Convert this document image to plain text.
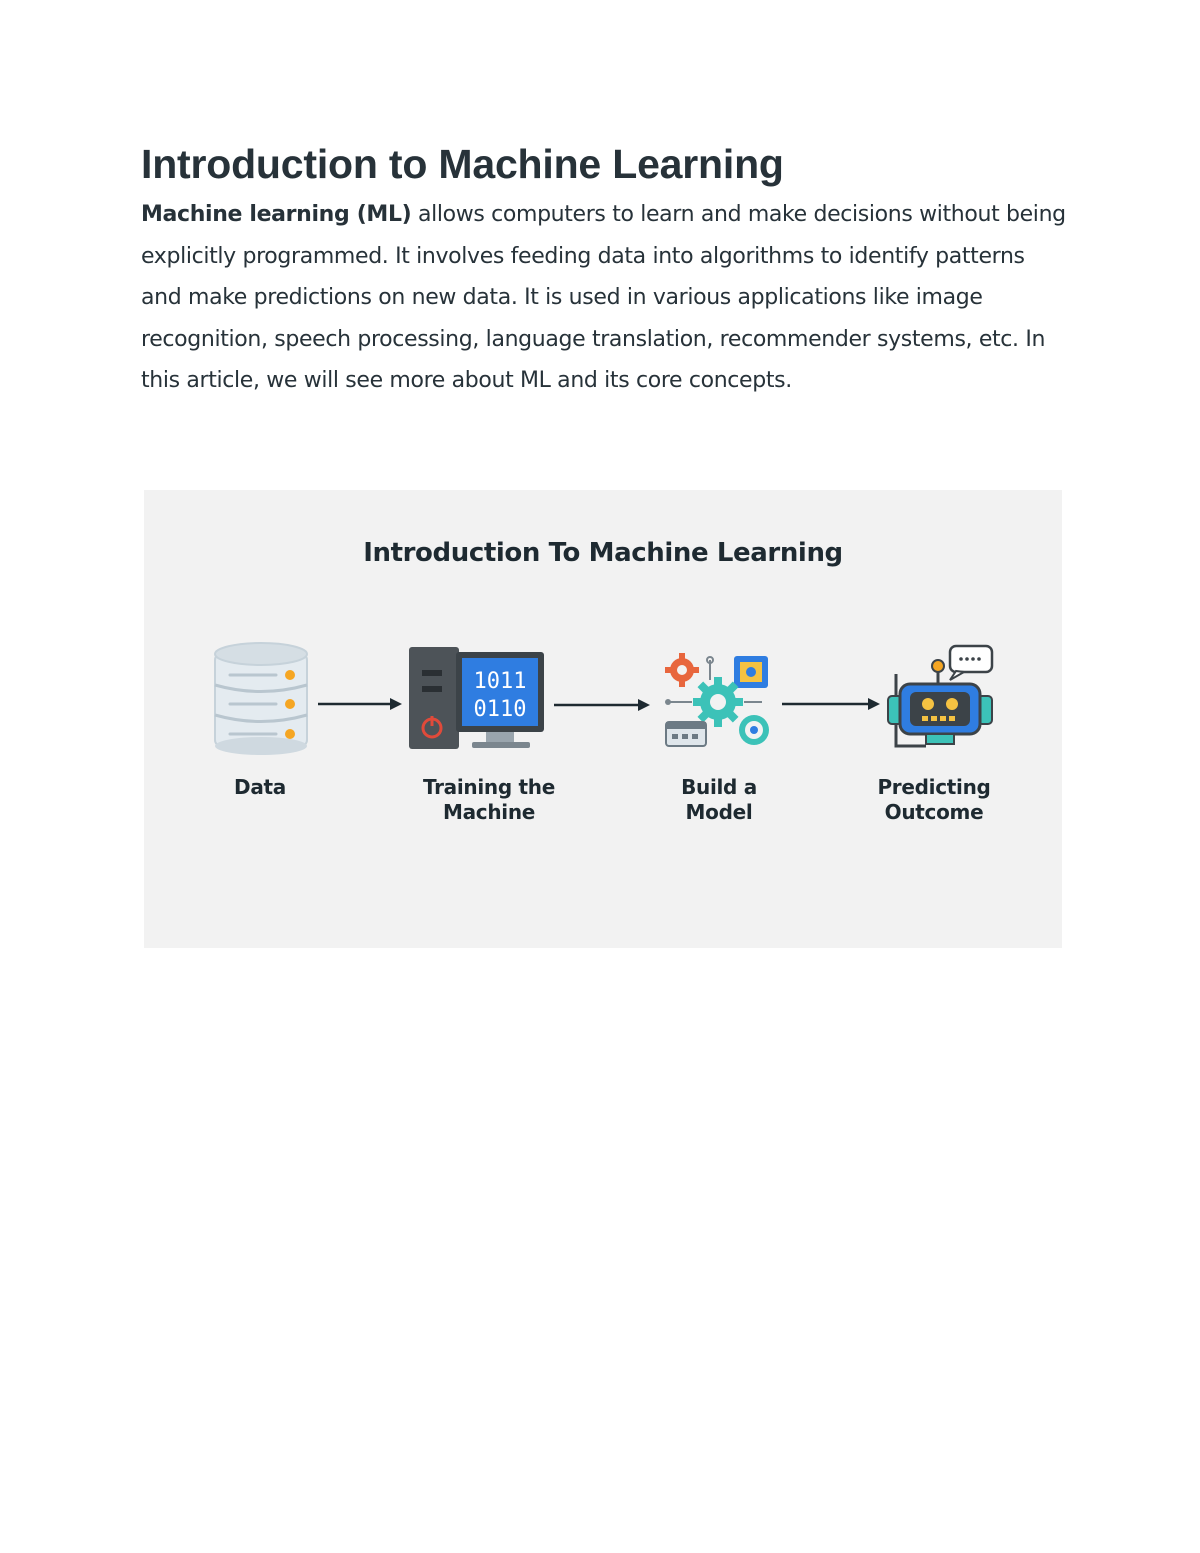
Introduction to Machine Learning

Machine learning (ML) allows computers to learn and make decisions without being explicitly programmed. It involves feeding data into algorithms to identify patterns and make predictions on new data. It is used in various applications like image recognition, speech processing, language translation, recommender systems, etc. In this article, we will see more about ML and its core concepts.

Introduction To Machine Learning
1011
0110
Data	Training the
Machine
Build a
Model
Predicting
Outcome
